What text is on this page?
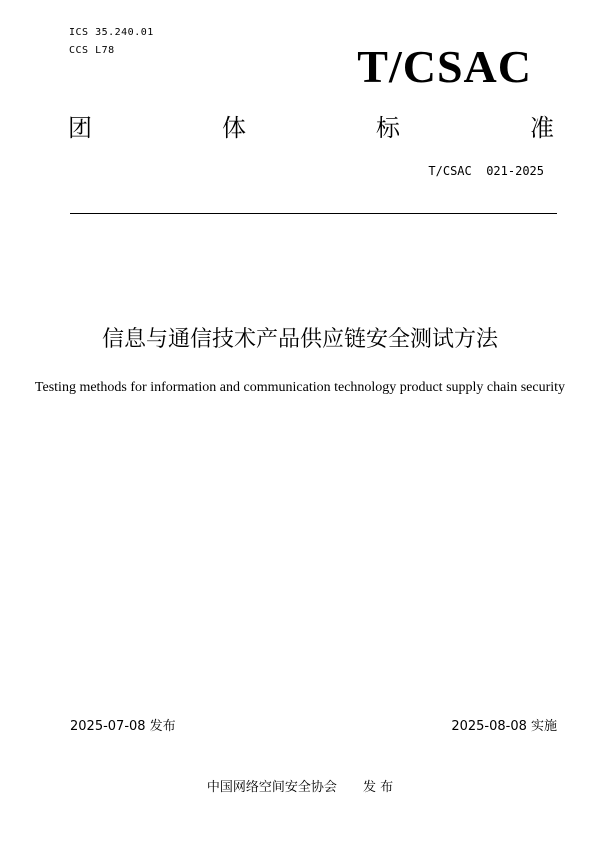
ICS 35.240.01
CCS L78	T/CSAC
团	体	标	准
T/CSAC  021-2025
信息与通信技术产品供应链安全测试方法
Testing methods for information and communication technology product supply chain security
2025-07-08 发布	2025-08-08 实施
中国网络空间安全协会 发 布
